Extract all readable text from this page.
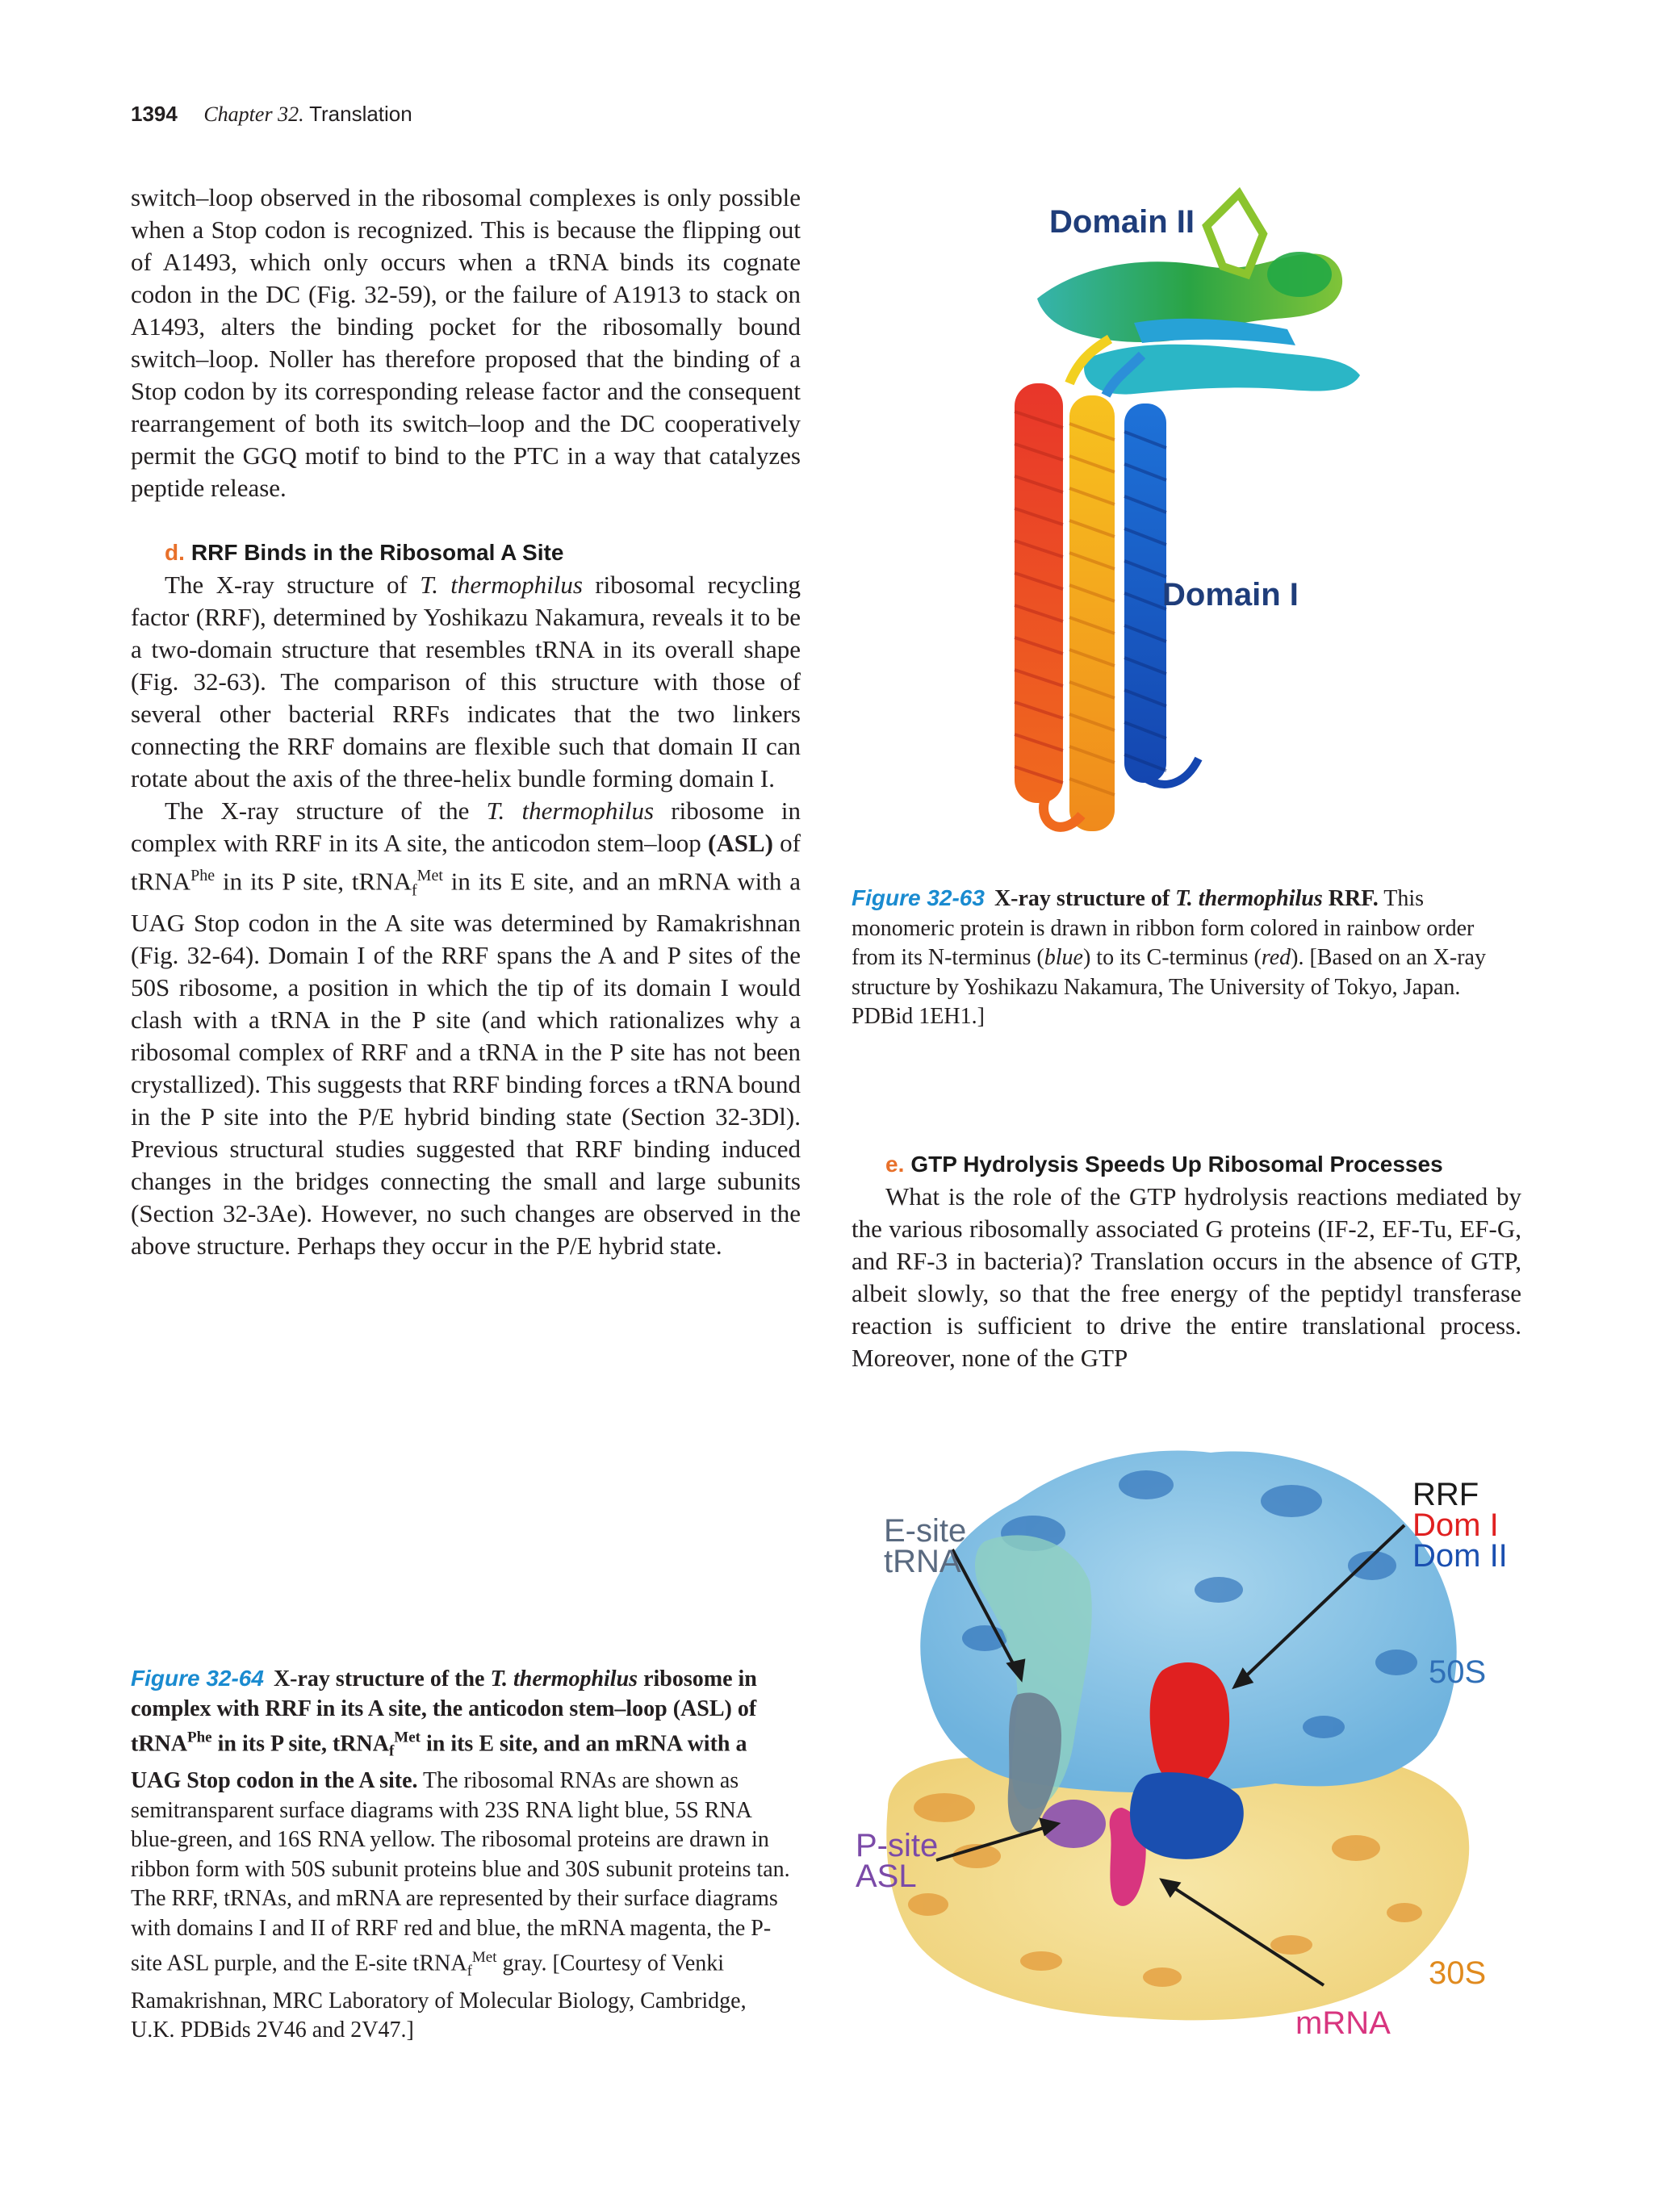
1394 Chapter 32. Translation

switch–loop observed in the ribosomal complexes is only possible when a Stop codon is recognized. This is because the flipping out of A1493, which only occurs when a tRNA binds its cognate codon in the DC (Fig. 32-59), or the failure of A1913 to stack on A1493, alters the binding pocket for the ribosomally bound switch–loop. Noller has therefore proposed that the binding of a Stop codon by its corresponding release factor and the consequent rearrangement of both its switch–loop and the DC cooperatively permit the GGQ motif to bind to the PTC in a way that catalyzes peptide release.

d. RRF Binds in the Ribosomal A Site

The X-ray structure of T. thermophilus ribosomal recycling factor (RRF), determined by Yoshikazu Nakamura, reveals it to be a two-domain structure that resembles tRNA in its overall shape (Fig. 32-63). The comparison of this structure with those of several other bacterial RRFs indicates that the two linkers connecting the RRF domains are flexible such that domain II can rotate about the axis of the three-helix bundle forming domain I.

The X-ray structure of the T. thermophilus ribosome in complex with RRF in its A site, the anticodon stem–loop (ASL) of tRNA$^{Phe}$ in its P site, tRNA$_f^{Met}$ in its E site, and an mRNA with a UAG Stop codon in the A site was determined by Ramakrishnan (Fig. 32-64). Domain I of the RRF spans the A and P sites of the 50S ribosome, a position in which the tip of its domain I would clash with a tRNA in the P site (and which rationalizes why a ribosomal complex of RRF and a tRNA in the P site has not been crystallized). This suggests that RRF binding forces a tRNA bound in the P site into the P/E hybrid binding state (Section 32-3Dl). Previous structural studies suggested that RRF binding induced changes in the bridges connecting the small and large subunits (Section 32-3Ae). However, no such changes are observed in the above structure. Perhaps they occur in the P/E hybrid state.

Domain II
Domain I
Figure 32-63 X-ray structure of T. thermophilus RRF. This monomeric protein is drawn in ribbon form colored in rainbow order from its N-terminus (blue) to its C-terminus (red). [Based on an X-ray structure by Yoshikazu Nakamura, The University of Tokyo, Japan. PDBid 1EH1.]
e. GTP Hydrolysis Speeds Up Ribosomal Processes

What is the role of the GTP hydrolysis reactions mediated by the various ribosomally associated G proteins (IF-2, EF-Tu, EF-G, and RF-3 in bacteria)? Translation occurs in the absence of GTP, albeit slowly, so that the free energy of the peptidyl transferase reaction is sufficient to drive the entire translational process. Moreover, none of the GTP

E-site
tRNA
RRF
Dom I
Dom II
50S
P-site
ASL
30S
mRNA
Figure 32-64 X-ray structure of the T. thermophilus ribosome in complex with RRF in its A site, the anticodon stem–loop (ASL) of tRNA$^{Phe}$ in its P site, tRNA$_f^{Met}$ in its E site, and an mRNA with a UAG Stop codon in the A site. The ribosomal RNAs are shown as semitransparent surface diagrams with 23S RNA light blue, 5S RNA blue-green, and 16S RNA yellow. The ribosomal proteins are drawn in ribbon form with 50S subunit proteins blue and 30S subunit proteins tan. The RRF, tRNAs, and mRNA are represented by their surface diagrams with domains I and II of RRF red and blue, the mRNA magenta, the P-site ASL purple, and the E-site tRNA$_f^{Met}$ gray. [Courtesy of Venki Ramakrishnan, MRC Laboratory of Molecular Biology, Cambridge, U.K. PDBids 2V46 and 2V47.]
